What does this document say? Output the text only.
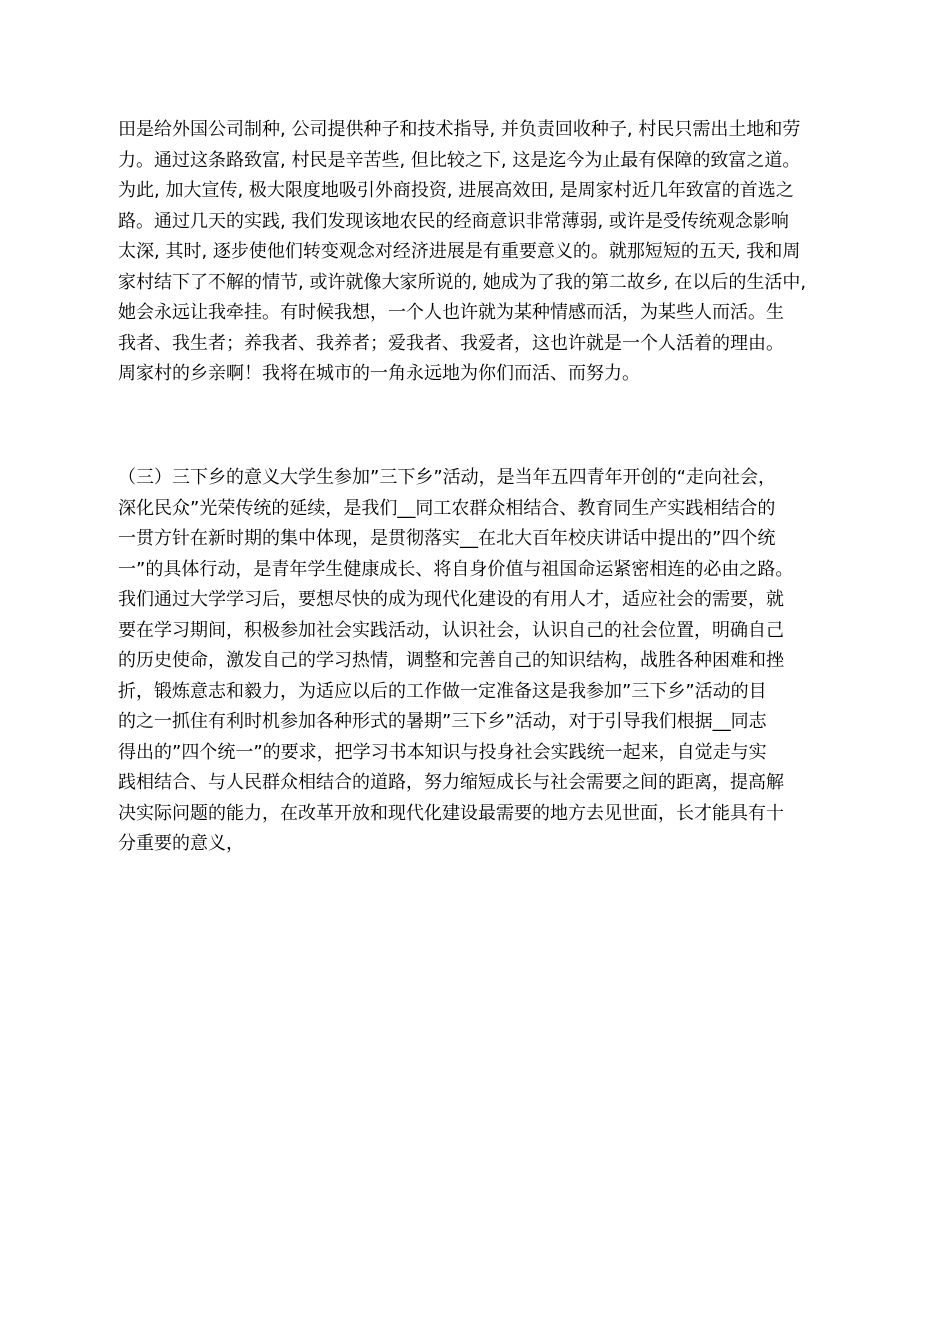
田是给外国公司制种, 公司提供种子和技术指导, 并负责回收种子, 村民只需出土地和劳
力。通过这条路致富, 村民是辛苦些, 但比较之下, 这是迄今为止最有保障的致富之道。
为此, 加大宣传, 极大限度地吸引外商投资, 进展高效田, 是周家村近几年致富的首选之
路。通过几天的实践, 我们发现该地农民的经商意识非常薄弱, 或许是受传统观念影响
太深, 其时, 逐步使他们转变观念对经济进展是有重要意义的。就那短短的五天, 我和周
家村结下了不解的情节, 或许就像大家所说的, 她成为了我的第二故乡, 在以后的生活中,
她会永远让我牵挂。有时候我想，一个人也许就为某种情感而活，为某些人而活。生
我者、我生者；养我者、我养者；爱我者、我爱者，这也许就是一个人活着的理由。
周家村的乡亲啊！我将在城市的一角永远地为你们而活、而努力。
（三）三下乡的意义大学生参加”三下乡”活动，是当年五四青年开创的“走向社会，
深化民众”光荣传统的延续，是我们__同工农群众相结合、教育同生产实践相结合的
一贯方针在新时期的集中体现，是贯彻落实__在北大百年校庆讲话中提出的”四个统
一”的具体行动，是青年学生健康成长、将自身价值与祖国命运紧密相连的必由之路。
我们通过大学学习后，要想尽快的成为现代化建设的有用人才，适应社会的需要，就
要在学习期间，积极参加社会实践活动，认识社会，认识自己的社会位置，明确自己
的历史使命，激发自己的学习热情，调整和完善自己的知识结构，战胜各种困难和挫
折，锻炼意志和毅力，为适应以后的工作做一定准备这是我参加”三下乡”活动的目
的之一抓住有利时机参加各种形式的暑期”三下乡”活动，对于引导我们根据__同志
得出的”四个统一”的要求，把学习书本知识与投身社会实践统一起来，自觉走与实
践相结合、与人民群众相结合的道路，努力缩短成长与社会需要之间的距离，提高解
决实际问题的能力，在改革开放和现代化建设最需要的地方去见世面，长才能具有十
分重要的意义，
